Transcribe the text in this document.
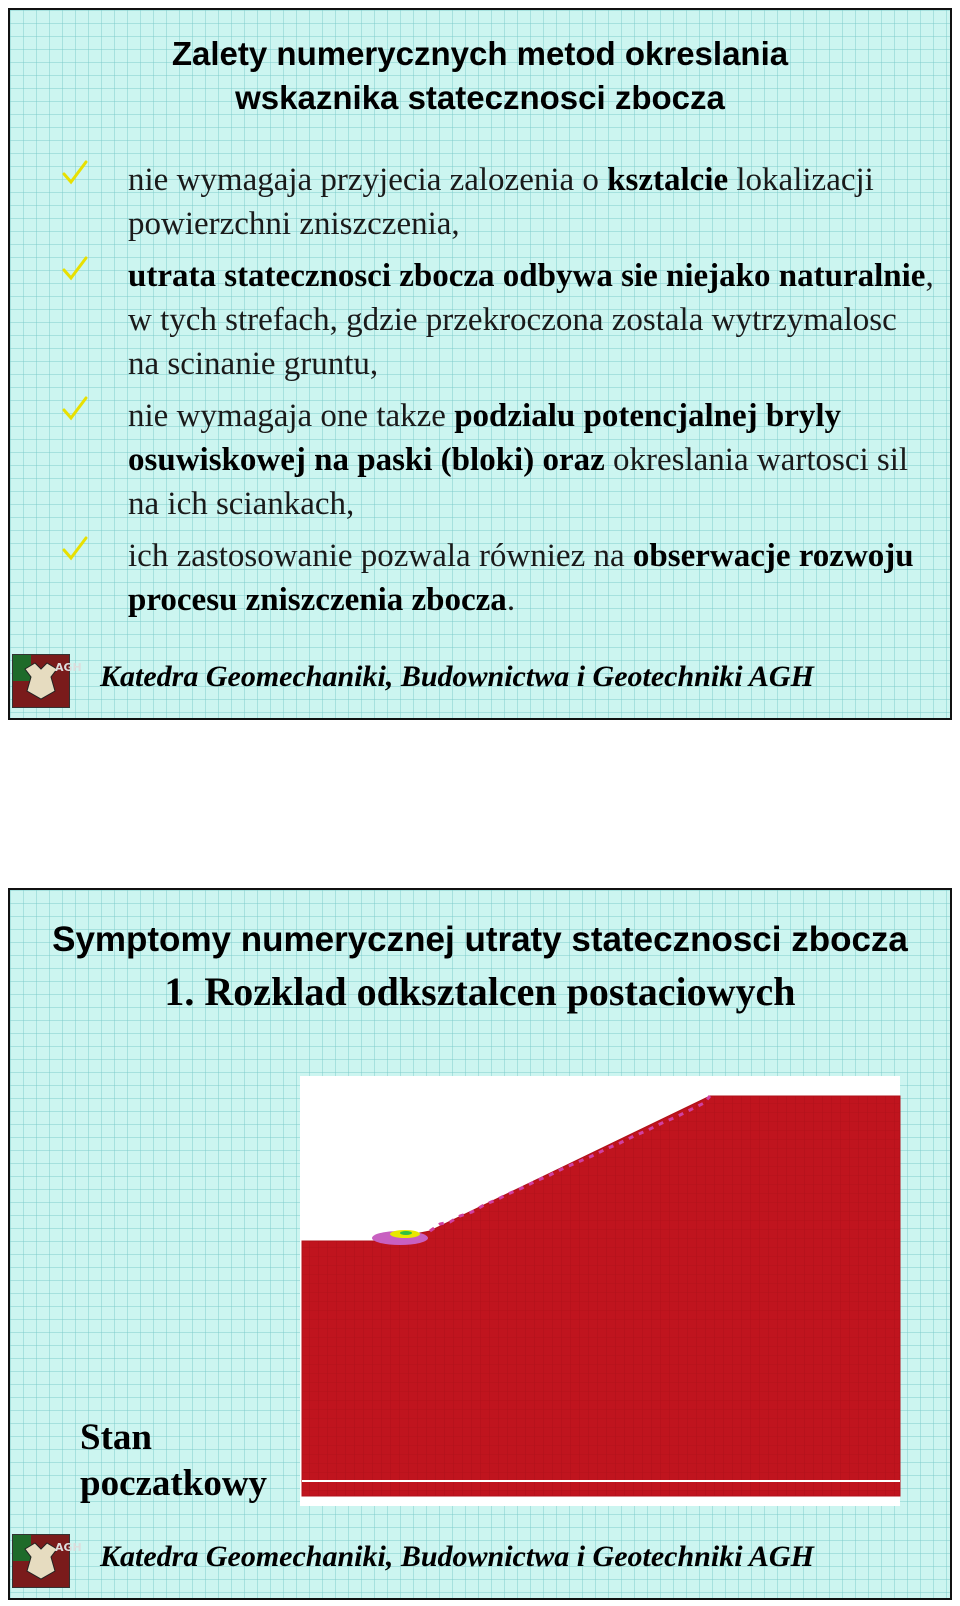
Zalety numerycznych metod okreslania
wskaznika statecznosci zbocza
nie wymagaja przyjecia zalozenia o ksztalcie lokalizacji powierzchni zniszczenia,
utrata statecznosci zbocza odbywa sie niejako naturalnie, w tych strefach, gdzie przekroczona zostala wytrzymalosc na scinanie gruntu,
nie wymagaja one takze podzialu potencjalnej bryly osuwiskowej na paski (bloki) oraz okreslania wartosci sil na ich sciankach,
ich zastosowanie pozwala równiez na obserwacje rozwoju procesu zniszczenia zbocza.
AGH Katedra Geomechaniki, Budownictwa i Geotechniki AGH
Symptomy numerycznej utraty statecznosci zbocza
1. Rozklad odksztalcen postaciowych
Stan
poczatkowy
AGH Katedra Geomechaniki, Budownictwa i Geotechniki AGH
